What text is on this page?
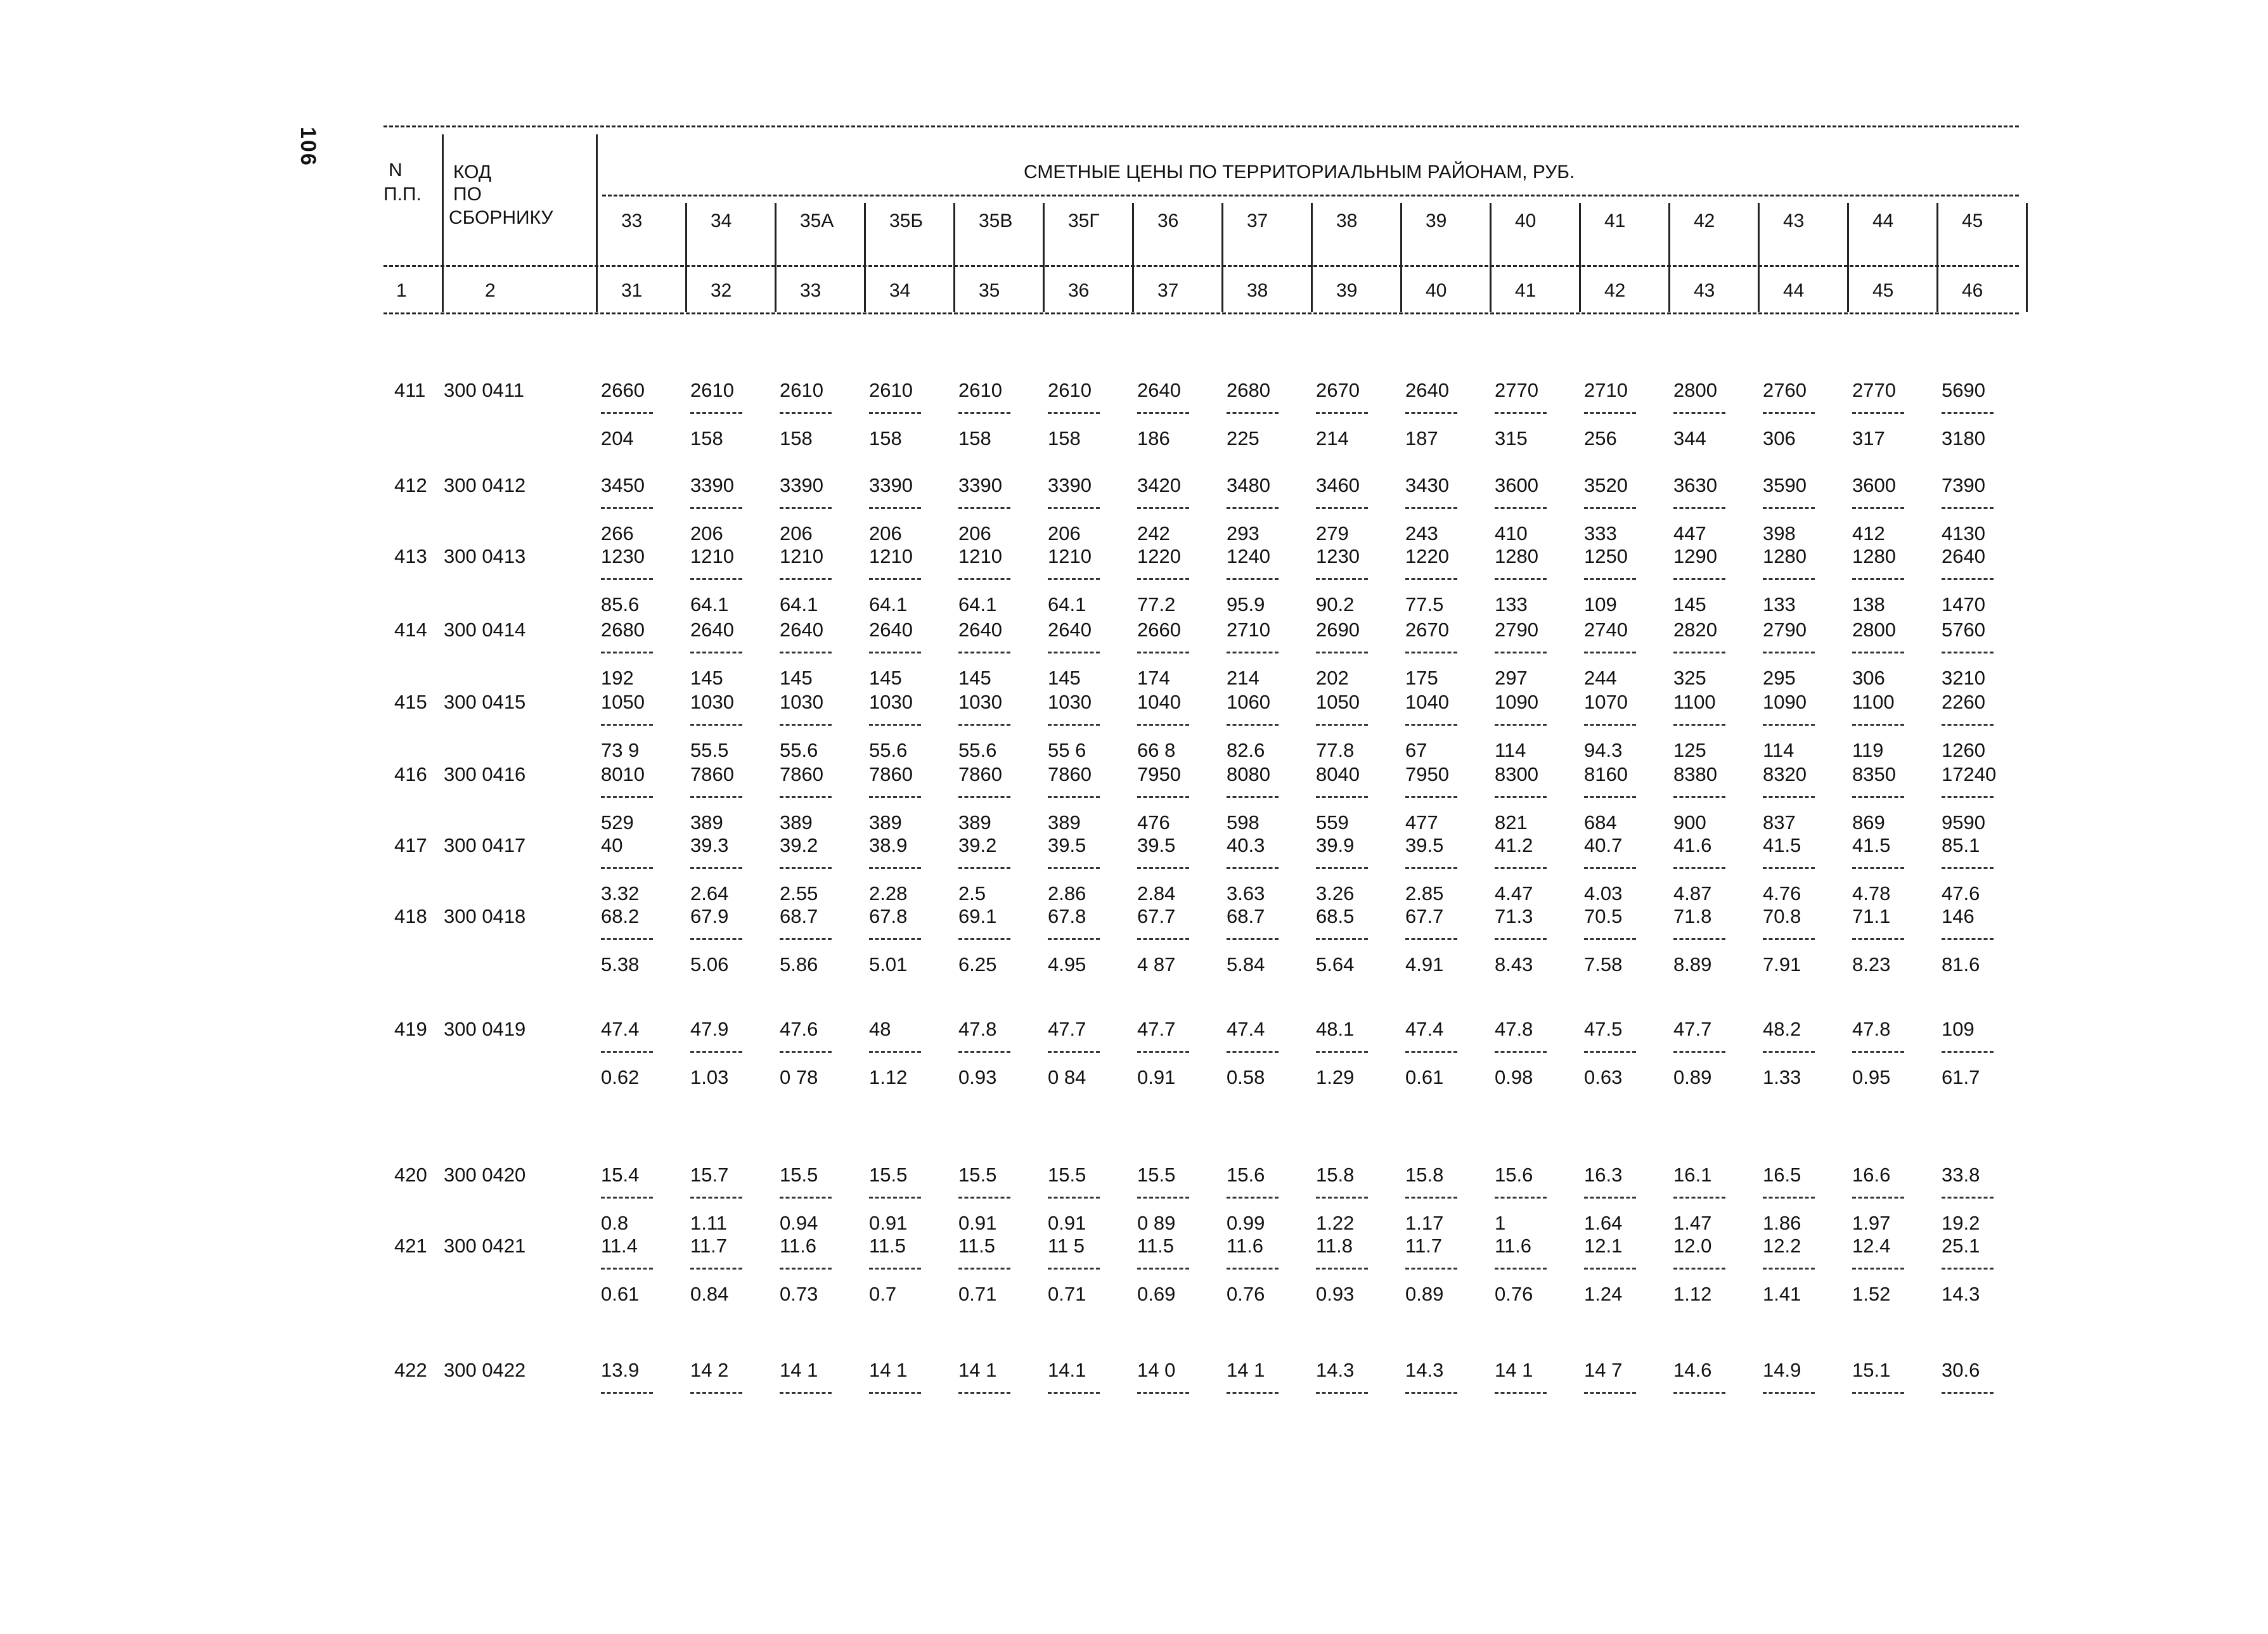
106
N
П.П.
КОД
ПО
СБОРНИКУ
СМЕТНЫЕ ЦЕНЫ ПО ТЕРРИТОРИАЛЬНЫМ РАЙОНАМ, РУБ.
1	2
33	34	35А	35Б	35В	35Г	36	37	38	39	40	41	42	43	44	45
31	32	33	34	35	36	37	38	39	40	41	42	43	44	45	46
411 300 0411	2660 2610 2610 2610 2610 2610 2640 2680 2670 2640 2770 2710 2800 2760 2770 5690
204	158	158	158	158	158	186	225	214	187	315	256	344	306	317	3180
412 300 0412	3450 3390 3390 3390 3390 3390 3420 3480 3460 3430 3600 3520 3630 3590 3600 7390
266	206	206	206	206	206	242	293	279	243	410	333	447	398	412	4130
413 300 0413	1230 1210 1210 1210 1210 1210 1220 1240 1230 1220 1280 1250 1290 1280 1280 2640
85.6	64.1	64.1	64.1	64.1	64.1	77.2	95.9	90.2	77.5	133	109	145	133	138	1470
414 300 0414	2680 2640 2640 2640 2640 2640 2660 2710 2690 2670 2790 2740 2820 2790 2800 5760
192	145	145	145	145	145	174	214	202	175	297	244	325	295	306	3210
415 300 0415	1050 1030 1030 1030 1030 1030 1040 1060 1050 1040 1090 1070 1100 1090 1100 2260
73 9	55.5	55.6	55.6	55.6	55 6	66 8	82.6	77.8	67	114	94.3	125	114	119	1260
416 300 0416	8010 7860 7860 7860 7860 7860 7950 8080 8040 7950 8300 8160 8380 8320 8350 17240
529	389	389	389	389	389	476	598	559	477	821	684	900	837	869	9590
417 300 0417	40	39.3	39.2	38.9	39.2	39.5	39.5	40.3	39.9	39.5	41.2	40.7	41.6	41.5	41.5	85.1
3.32	2.64	2.55	2.28	2.5	2.86	2.84	3.63	3.26	2.85	4.47	4.03	4.87	4.76	4.78	47.6
418 300 0418	68.2	67.9	68.7	67.8	69.1	67.8	67.7	68.7	68.5	67.7	71.3	70.5	71.8	70.8	71.1	146
5.38	5.06	5.86	5.01	6.25	4.95	4 87	5.84	5.64	4.91	8.43	7.58	8.89	7.91	8.23	81.6
419 300 0419	47.4	47.9	47.6	48	47.8	47.7	47.7	47.4	48.1	47.4	47.8	47.5	47.7	48.2	47.8	109
0.62	1.03	0 78	1.12	0.93	0 84	0.91	0.58	1.29	0.61	0.98	0.63	0.89	1.33	0.95	61.7
420 300 0420	15.4	15.7	15.5	15.5	15.5	15.5	15.5	15.6	15.8	15.8	15.6	16.3	16.1	16.5	16.6	33.8
0.8	1.11	0.94	0.91	0.91	0.91	0 89	0.99	1.22	1.17	1	1.64	1.47	1.86	1.97	19.2
421 300 0421	11.4	11.7	11.6	11.5	11.5	11 5	11.5	11.6	11.8	11.7	11.6	12.1	12.0	12.2	12.4	25.1
0.61	0.84	0.73	0.7	0.71	0.71	0.69	0.76	0.93	0.89	0.76	1.24	1.12	1.41	1.52	14.3
422 300 0422	13.9	14 2	14 1	14 1	14 1	14.1	14 0	14 1	14.3	14.3	14 1	14 7	14.6	14.9	15.1	30.6
